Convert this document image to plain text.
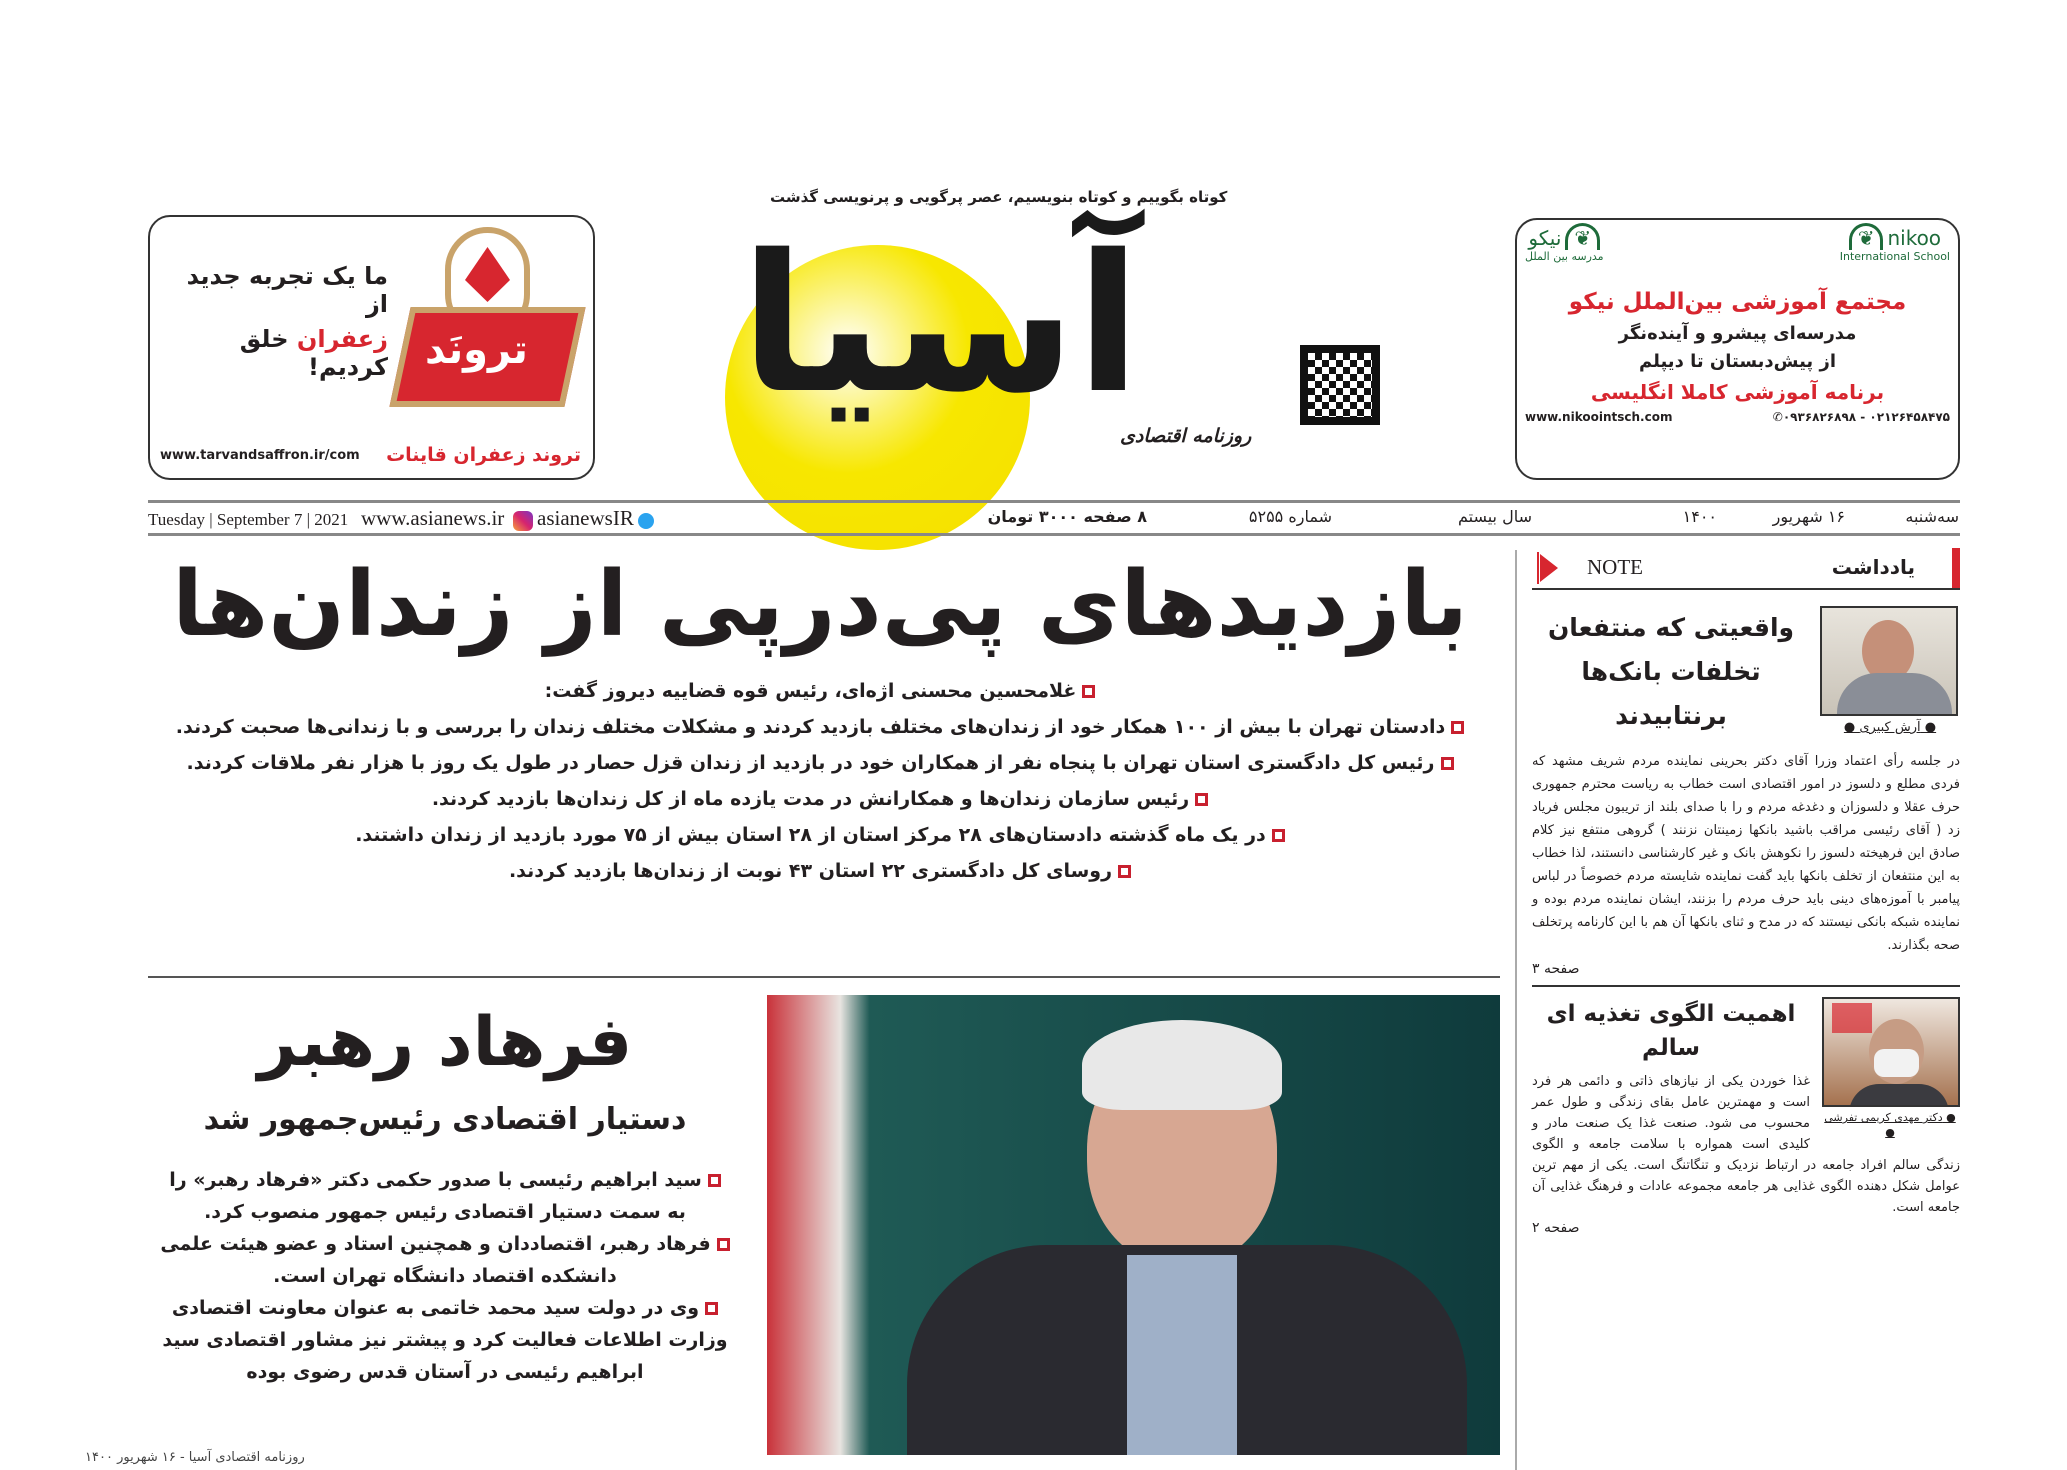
ما یک تجربه جدید از
زعفران خلق کردیم! ترونَد
تروند زعفران قاینات
www.tarvandsaffron.ir/com
کوتاه بگوییم و کوتاه بنویسیم، عصر پرگویی و پرنویسی گذشت
آسیا
روزنامه اقتصادی
❦نیکو
مدرسه بین الملل
❦ nikoo
International School
مجتمع آموزشی بین‌الملل نیکو
مدرسه‌ای پیشرو و آینده‌نگر
از پیش‌دبستان تا دیپلم
برنامه آموزشی کاملا انگلیسی
www.nikoointsch.com	✆۰۹۳۶۸۲۶۸۹۸ - ۰۲۱۲۶۴۵۸۴۷۵
سه‌شنبه
۱۶ شهریور
۱۴۰۰
سال بیستم
شماره ۵۲۵۵
۸ صفحه ۳۰۰۰ تومان
Tuesday | September 7 | 2021 www.asianews.ir asianewsIR
بازدیدهای پی‌درپی از زندان‌ها

غلامحسین محسنی اژه‌ای، رئیس قوه قضاییه دیروز گفت:

دادستان تهران با بیش از ۱۰۰ همکار خود از زندان‌های مختلف بازدید کردند و مشکلات مختلف زندان را بررسی و با زندانی‌ها صحبت کردند.

رئیس کل دادگستری استان تهران با پنجاه نفر از همکاران خود در بازدید از زندان قزل حصار در طول یک روز با هزار نفر ملاقات کردند.

رئیس سازمان زندان‌ها و همکارانش در مدت یازده ماه از کل زندان‌ها بازدید کردند.

در یک ماه گذشته دادستان‌های ۲۸ مرکز استان از ۲۸ استان بیش از ۷۵ مورد بازدید از زندان داشتند.

روسای کل دادگستری ۲۲ استان ۴۳ نوبت از زندان‌ها بازدید کردند.

فرهاد رهبر
دستیار اقتصادی رئیس‌جمهور شد

سید ابراهیم رئیسی با صدور حکمی دکتر «فرهاد رهبر» را به سمت دستیار اقتصادی رئیس جمهور منصوب کرد.

فرهاد رهبر، اقتصاددان و همچنین استاد و عضو هیئت علمی دانشکده اقتصاد دانشگاه تهران است.

وی در دولت سید محمد خاتمی به عنوان معاونت اقتصادی وزارت اطلاعات فعالیت کرد و پیشتر نیز مشاور اقتصادی سید ابراهیم رئیسی در آستان قدس رضوی بوده

NOTE	یادداشت
● آرش کبیری ●
واقعیتی که منتفعان تخلفات بانک‌ها برنتابیدند
در جلسه رأی اعتماد وزرا آقای دکتر بحرینی نماینده مردم شریف مشهد که فردی مطلع و دلسوز در امور اقتصادی است خطاب به ریاست محترم جمهوری حرف عقلا و دلسوزان و دغدغه مردم و را با صدای بلند از تریبون مجلس فریاد زد ( آقای رئیسی مراقب باشید بانکها زمینتان نزنند ) گروهی منتفع نیز کلام صادق این فرهیخته دلسوز را نکوهش بانک و غیر کارشناسی دانستند، لذا خطاب به این منتفعان از تخلف بانکها باید گفت نماینده شایسته مردم خصوصاً در لباس پیامبر با آموزه‌های دینی باید حرف مردم را بزنند، ایشان نماینده مردم بوده و نماینده شبکه بانکی نیستند که در مدح و ثنای بانکها آن هم با این کارنامه پرتخلف صحه بگذارند.
صفحه ۳
● دکتر مهدی کریمی تفرشی ●
اهمیت الگوی تغذیه ای سالم
غذا خوردن یکی از نیازهای ذاتی و دائمی هر فرد است و مهمترین عامل بقای زندگی و طول عمر محسوب می شود. صنعت غذا یک صنعت مادر و کلیدی است همواره با سلامت جامعه و الگوی زندگی سالم افراد جامعه در ارتباط نزدیک و تنگاتنگ است. یکی از مهم ترین عوامل شکل دهنده الگوی غذایی هر جامعه مجموعه عادات و فرهنگ غذایی آن جامعه است.
صفحه ۲
روزنامه اقتصادی آسیا - ۱۶ شهریور ۱۴۰۰
